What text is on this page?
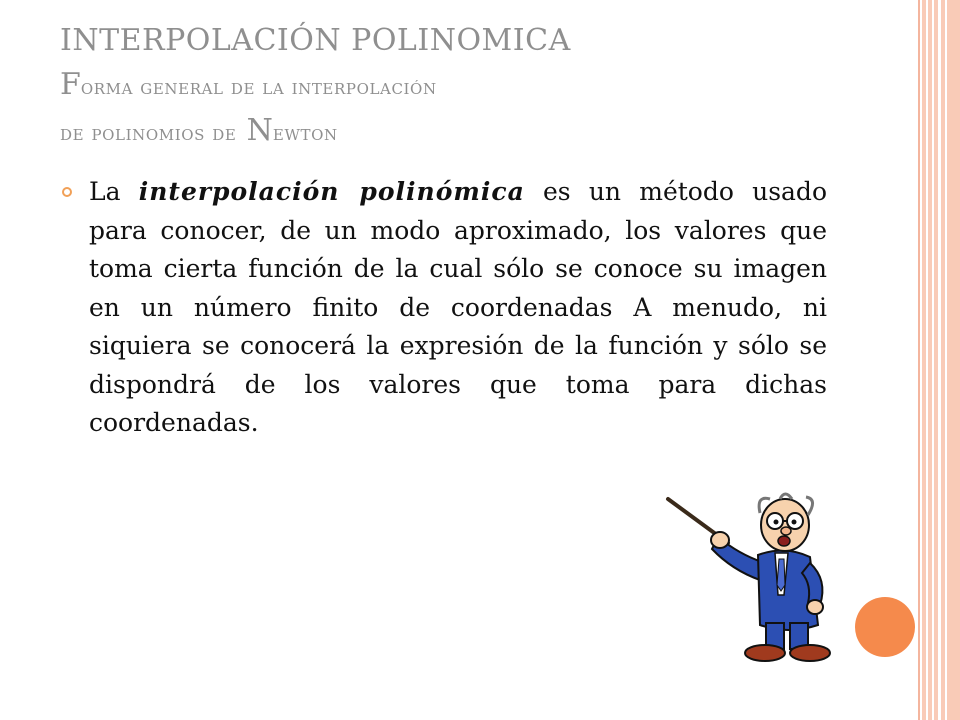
INTERPOLACIÓN POLINOMICA
Forma general de la interpolación
de polinomios de Newton

La interpolación polinómica es un método usado para conocer, de un modo aproximado, los valores que toma cierta función de la cual sólo se conoce su imagen en un número finito de coordenadas A menudo, ni siquiera se conocerá la expresión de la función y sólo se dispondrá de los valores que toma para dichas coordenadas.
